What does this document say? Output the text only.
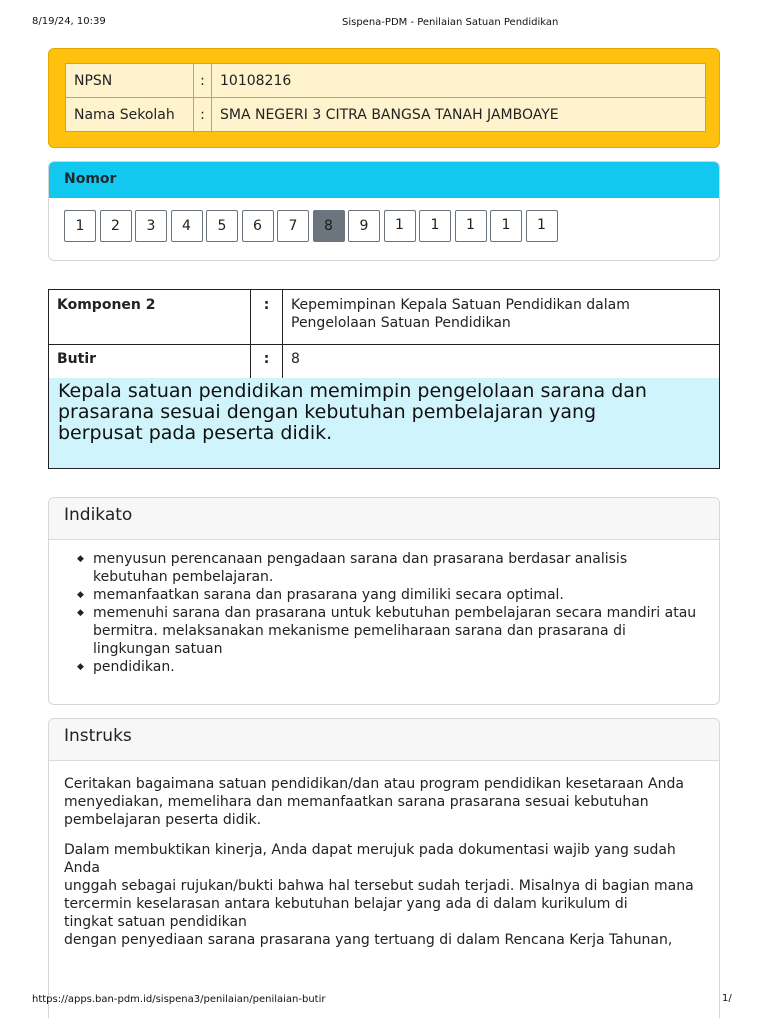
8/19/24, 10:39	Sispena-PDM - Penilaian Satuan Pendidikan
NPSN	:	10108216
Nama Sekolah	:	SMA NEGERI 3 CITRA BANGSA TANAH JAMBOAYE
Nomor
1	2	3	4	5	6	7	8	9	1	1	1	1	1
Komponen 2	:	Kepemimpinan Kepala Satuan Pendidikan dalam
Pengelolaan Satuan Pendidikan

Butir	:	8
Kepala satuan pendidikan memimpin pengelolaan sarana dan prasarana sesuai dengan kebutuhan pembelajaran yang berpusat pada peserta didik.
Indikato
◆ menyusun perencanaan pengadaan sarana dan prasarana berdasar analisis kebutuhan pembelajaran.
◆ memanfaatkan sarana dan prasarana yang dimiliki secara optimal.
◆ memenuhi sarana dan prasarana untuk kebutuhan pembelajaran secara mandiri atau bermitra. melaksanakan mekanisme pemeliharaan sarana dan prasarana di lingkungan satuan
◆ pendidikan.
Instruks

Ceritakan bagaimana satuan pendidikan/dan atau program pendidikan kesetaraan Anda menyediakan, memelihara dan memanfaatkan sarana prasarana sesuai kebutuhan pembelajaran peserta didik.

Dalam membuktikan kinerja, Anda dapat merujuk pada dokumentasi wajib yang sudah
Anda
unggah sebagai rujukan/bukti bahwa hal tersebut sudah terjadi. Misalnya di bagian mana
tercermin keselarasan antara kebutuhan belajar yang ada di dalam kurikulum di
tingkat satuan pendidikan
dengan penyediaan sarana prasarana yang tertuang di dalam Rencana Kerja Tahunan,

https://apps.ban-pdm.id/sispena3/penilaian/penilaian-butir	1/
